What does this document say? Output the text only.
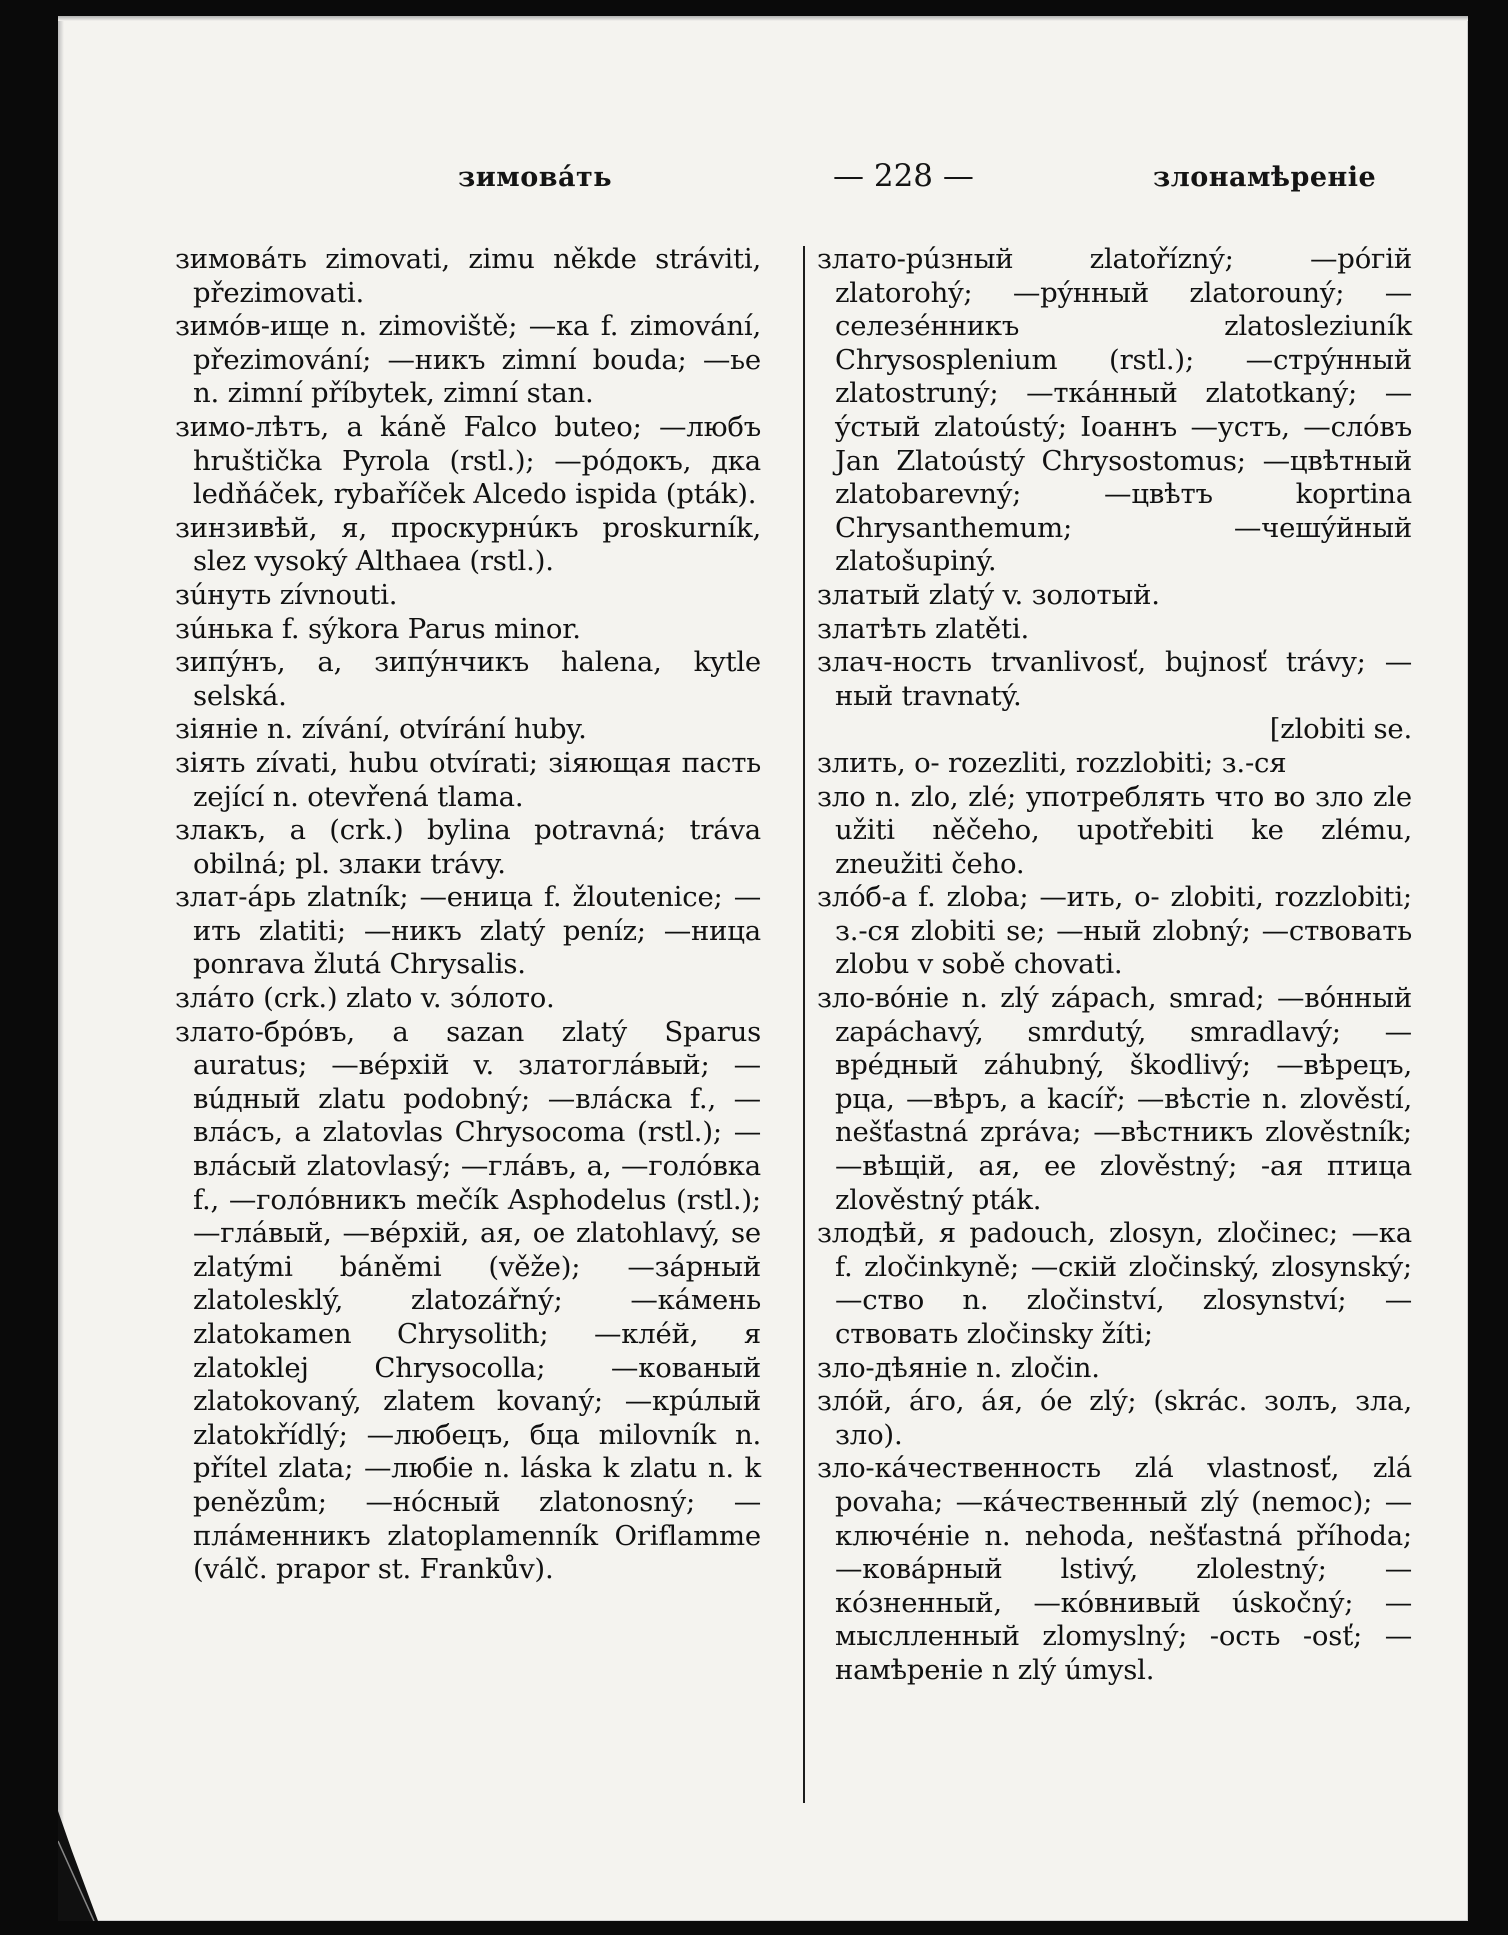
зимовáть	— 228 —	злонамѣреніе

зимовáть zimovati, zimu někde stráviti, přezimovati.

зимóв-ище n. zimoviště; —ка f. zimování, přezimování; —никъ zimní bouda; —ье n. zimní příbytek, zimní stan.

зимо-лѣтъ, а káně Falco buteo; —любъ hruštička Pyrola (rstl.); —рóдокъ, дка ledňáček, rybaříček Alcedo ispida (pták).

зинзивѣй, я, проскурнúкъ proskurník, slez vysoký Althaea (rstl.).

зúнуть zívnouti.

зúнька f. sýkora Parus minor.

зипýнъ, а, зипýнчикъ halena, kytle selská.

зіяніе n. zívání, otvírání huby.

зіять zívati, hubu otvírati; зіяющая пасть zející n. otevřená tlama.

злакъ, а (crk.) bylina potravná; tráva obilná; pl. злаки trávy.

злат-áрь zlatník; —еница f. žloutenice; —ить zlatiti; —никъ zlatý peníz; —ница ponrava žlutá Chrysalis.

злáто (crk.) zlato v. зóлото.

злато-брóвъ, а sazan zlatý Sparus auratus; —вéрхій v. златоглáвый; —вúдный zlatu podobný; —влáска f., —влáсъ, а zlatovlas Chrysocoma (rstl.); —влáсый zlatovlasý; —глáвъ, а, —голóвка f., —голóвникъ mečík Asphodelus (rstl.); —глáвый, —вéрхій, ая, ое zlatohlavý, se zlatými báněmi (věže); —зáрный zlatolesklý, zlatozářný; —кáмень zlatokamen Chrysolith; —клéй, я zlatoklej Chrysocolla; —кованый zlatokovaný, zlatem kovaný; —крúлый zlatokřídlý; —любецъ, бца milovník n. přítel zlata; —любіе n. láska k zlatu n. k penězům; —нóсный zlatonosný; —плáменникъ zlatoplamenník Oriflamme (válč. prapor st. Frankův).

злато-рúзный zlatořízný; —рóгій zlatorohý; —рýнный zlatorouný; —селезéнникъ zlatosleziuník Chrysosplenium (rstl.); —стрýнный zlatostruný; —ткáнный zlatotkaný; —ýстый zlatoústý; Іоаннъ —устъ, —слóвъ Jan Zlatoústý Chrysostomus; —цвѣтный zlatobarevný; —цвѣтъ koprtina Chrysanthemum; —чешýйный zlatošupiný.

златый zlatý v. золотый.

златѣть zlatěti.

злач-ность trvanlivosť, bujnosť trávy; —ный travnatý.

[zlobiti se.

злить, о- rozezliti, rozzlobiti; з.-ся

зло n. zlo, zlé; употреблять что во зло zle užiti něčeho, upotřebiti ke zlému, zneužiti čeho.

злóб-а f. zloba; —ить, о- zlobiti, rozzlobiti; з.-ся zlobiti se; —ный zlobný; —ствовать zlobu v sobě chovati.

зло-вóніе n. zlý zápach, smrad; —вóнный zapáchavý, smrdutý, smradlavý; —врéдный záhubný, škodlivý; —вѣрецъ, рца, —вѣръ, а kacíř; —вѣстіе n. zlověstí, nešťastná zpráva; —вѣстникъ zlověstník; —вѣщій, ая, ее zlověstný; -ая птица zlověstný pták.

злодѣй, я padouch, zlosyn, zločinec; —ка f. zločinkyně; —скій zločinský, zlosynský; —ство n. zločinství, zlosynství; —ствовать zločinsky žíti;

зло-дѣяніе n. zločin.

злóй, áго, áя, óе zlý; (skrác. золъ, зла, зло).

зло-кáчественность zlá vlastnosť, zlá povaha; —кáчественный zlý (nemoc); —ключéніе n. nehoda, nešťastná příhoda; —ковáрный lstivý, zlolestný; —кóзненный, —кóвнивый úskočný; —мыслленный zlomyslný; -ость -osť; —намѣреніе n zlý úmysl.
